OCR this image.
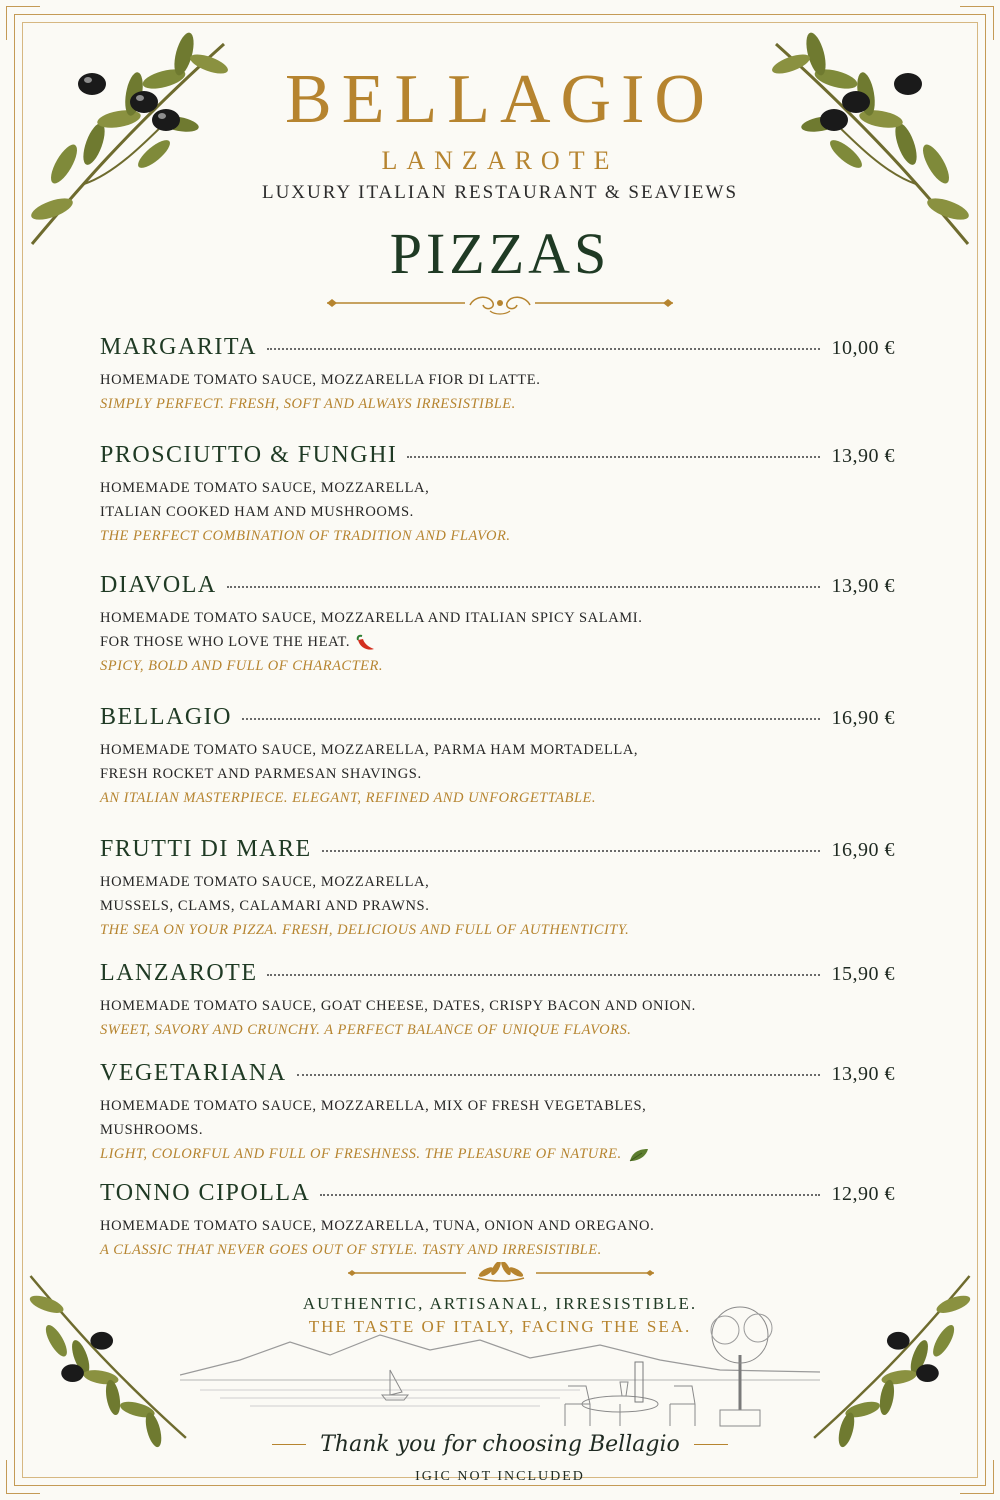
BELLAGIO
LANZAROTE
LUXURY ITALIAN RESTAURANT & SEAVIEWS
PIZZAS
MARGARITA	10,00 €
HOMEMADE TOMATO SAUCE, MOZZARELLA FIOR DI LATTE.
SIMPLY PERFECT. FRESH, SOFT AND ALWAYS IRRESISTIBLE.
PROSCIUTTO & FUNGHI	13,90 €
HOMEMADE TOMATO SAUCE, MOZZARELLA,
ITALIAN COOKED HAM AND MUSHROOMS.
THE PERFECT COMBINATION OF TRADITION AND FLAVOR.
DIAVOLA	13,90 €
HOMEMADE TOMATO SAUCE, MOZZARELLA AND ITALIAN SPICY SALAMI.
FOR THOSE WHO LOVE THE HEAT.
SPICY, BOLD AND FULL OF CHARACTER.
BELLAGIO	16,90 €
HOMEMADE TOMATO SAUCE, MOZZARELLA, PARMA HAM MORTADELLA,
FRESH ROCKET AND PARMESAN SHAVINGS.
AN ITALIAN MASTERPIECE. ELEGANT, REFINED AND UNFORGETTABLE.
FRUTTI DI MARE	16,90 €
HOMEMADE TOMATO SAUCE, MOZZARELLA,
MUSSELS, CLAMS, CALAMARI AND PRAWNS.
THE SEA ON YOUR PIZZA. FRESH, DELICIOUS AND FULL OF AUTHENTICITY.
LANZAROTE	15,90 €
HOMEMADE TOMATO SAUCE, GOAT CHEESE, DATES, CRISPY BACON AND ONION.
SWEET, SAVORY AND CRUNCHY. A PERFECT BALANCE OF UNIQUE FLAVORS.
VEGETARIANA	13,90 €
HOMEMADE TOMATO SAUCE, MOZZARELLA, MIX OF FRESH VEGETABLES,
MUSHROOMS.
LIGHT, COLORFUL AND FULL OF FRESHNESS. THE PLEASURE OF NATURE.
TONNO CIPOLLA	12,90 €
HOMEMADE TOMATO SAUCE, MOZZARELLA, TUNA, ONION AND OREGANO.
A CLASSIC THAT NEVER GOES OUT OF STYLE. TASTY AND IRRESISTIBLE.
AUTHENTIC, ARTISANAL, IRRESISTIBLE.
THE TASTE OF ITALY, FACING THE SEA.
Thank you for choosing Bellagio
IGIC NOT INCLUDED
